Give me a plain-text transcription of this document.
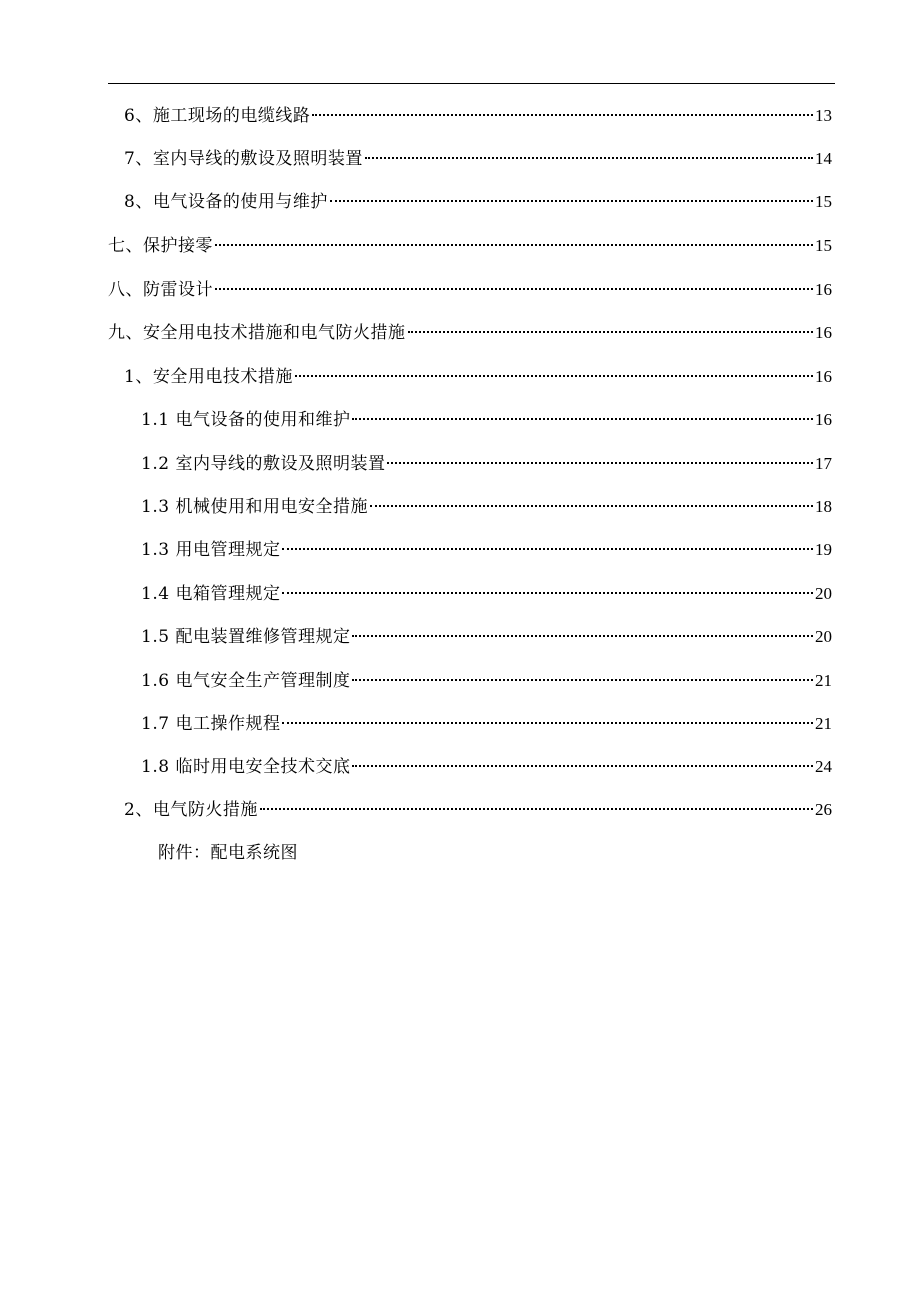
6、施工现场的电缆线路	13
7、室内导线的敷设及照明装置	14
8、电气设备的使用与维护	15
七、保护接零	15
八、防雷设计	16
九、安全用电技术措施和电气防火措施	16
1、安全用电技术措施	16
1.1 电气设备的使用和维护	16
1.2 室内导线的敷设及照明装置	17
1.3 机械使用和用电安全措施	18
1.3 用电管理规定	19
1.4 电箱管理规定	20
1.5 配电装置维修管理规定	20
1.6 电气安全生产管理制度	21
1.7 电工操作规程	21
1.8 临时用电安全技术交底	24
2、电气防火措施	26
附件：配电系统图
